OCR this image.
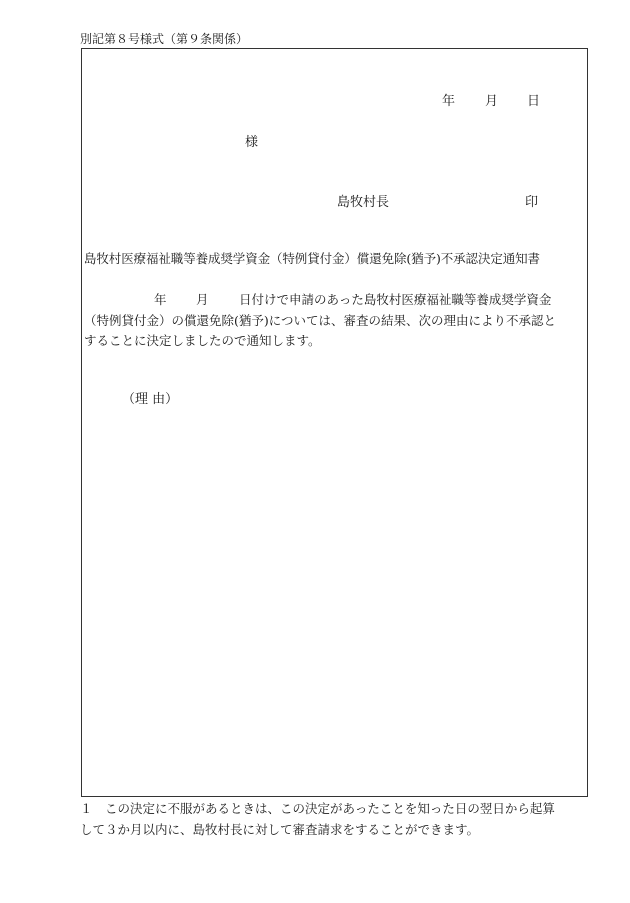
別記第８号様式（第９条関係）
年 月 日
様
島牧村長	印
島牧村医療福祉職等養成奨学資金（特例貸付金）償還免除(猶予)不承認決定通知書
年 月 日付けで申請のあった島牧村医療福祉職等養成奨学資金
（特例貸付金）の償還免除(猶予)については、審査の結果、次の理由により不承認と
することに決定しましたので通知します。
（理 由）
１　この決定に不服があるときは、この決定があったことを知った日の翌日から起算
して３か月以内に、島牧村長に対して審査請求をすることができます。
